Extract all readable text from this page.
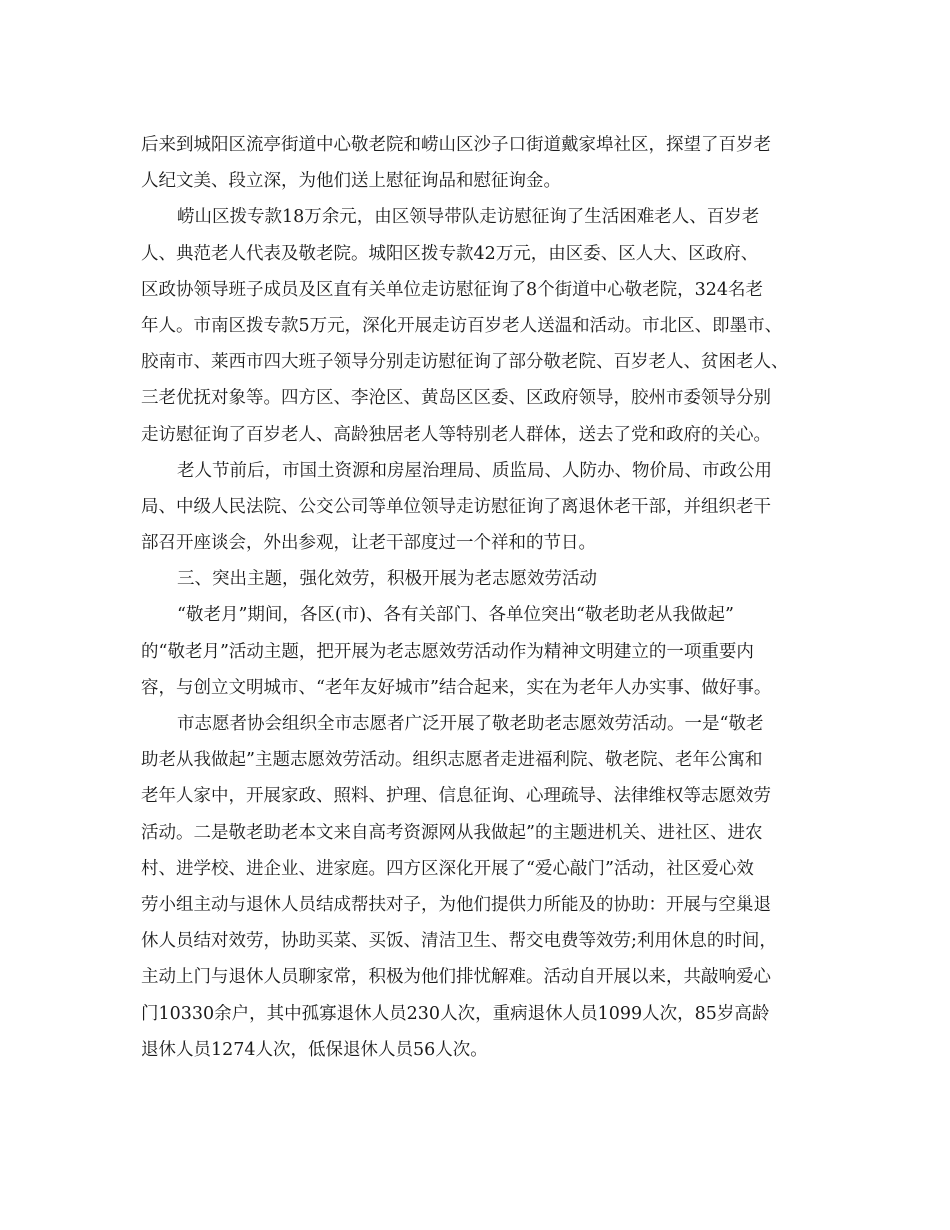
后来到城阳区流亭街道中心敬老院和崂山区沙子口街道戴家埠社区，探望了百岁老
人纪文美、段立深，为他们送上慰征询品和慰征询金。
崂山区拨专款18万余元，由区领导带队走访慰征询了生活困难老人、百岁老
人、典范老人代表及敬老院。城阳区拨专款42万元，由区委、区人大、区政府、
区政协领导班子成员及区直有关单位走访慰征询了8个街道中心敬老院，324名老
年人。市南区拨专款5万元，深化开展走访百岁老人送温和活动。市北区、即墨市、
胶南市、莱西市四大班子领导分别走访慰征询了部分敬老院、百岁老人、贫困老人、
三老优抚对象等。四方区、李沧区、黄岛区区委、区政府领导，胶州市委领导分别
走访慰征询了百岁老人、高龄独居老人等特别老人群体，送去了党和政府的关心。
老人节前后，市国土资源和房屋治理局、质监局、人防办、物价局、市政公用
局、中级人民法院、公交公司等单位领导走访慰征询了离退休老干部，并组织老干
部召开座谈会，外出参观，让老干部度过一个祥和的节日。
三、突出主题，强化效劳，积极开展为老志愿效劳活动
“敬老月”期间，各区(市)、各有关部门、各单位突出“敬老助老从我做起”
的“敬老月”活动主题，把开展为老志愿效劳活动作为精神文明建立的一项重要内
容，与创立文明城市、“老年友好城市”结合起来，实在为老年人办实事、做好事。
市志愿者协会组织全市志愿者广泛开展了敬老助老志愿效劳活动。一是“敬老
助老从我做起”主题志愿效劳活动。组织志愿者走进福利院、敬老院、老年公寓和
老年人家中，开展家政、照料、护理、信息征询、心理疏导、法律维权等志愿效劳
活动。二是敬老助老本文来自高考资源网从我做起”的主题进机关、进社区、进农
村、进学校、进企业、进家庭。四方区深化开展了“爱心敲门”活动，社区爱心效
劳小组主动与退休人员结成帮扶对子，为他们提供力所能及的协助：开展与空巢退
休人员结对效劳，协助买菜、买饭、清洁卫生、帮交电费等效劳;利用休息的时间，
主动上门与退休人员聊家常，积极为他们排忧解难。活动自开展以来，共敲响爱心
门10330余户，其中孤寡退休人员230人次，重病退休人员1099人次，85岁高龄
退休人员1274人次，低保退休人员56人次。
